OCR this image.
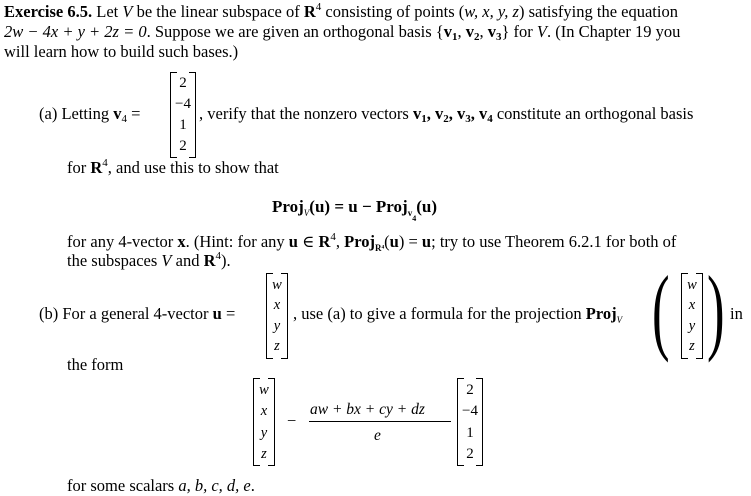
Exercise 6.5. Let V be the linear subspace of $R^4$ consisting of points (w, x, y, z) satisfying the equation
2w − 4x + y + 2z = 0. Suppose we are given an orthogonal basis {v1, v2, v3} for V. (In Chapter 19 you
will learn how to build such bases.)
(a) Letting v4 =
2
−4
1
2
, verify that the nonzero vectors v1, v2, v3, v4 constitute an orthogonal basis
for $R^4$, and use this to show that
Proj$_V$(u) = u − Proj$_{v4}$(u)
for any 4-vector x. (Hint: for any u ∈ $R^4$, Proj$_{R^4}$(u) = u; try to use Theorem 6.2.1 for both of
the subspaces V and $R^4$).
(b) For a general 4-vector u =
w
x
y
z
, use (a) to give a formula for the projection Proj$_V$ (	w
x
y
z ) in
the form
w
x
y
z
−
aw + bx + cy + dz
e
2
−4
1
2
for some scalars a, b, c, d, e.
